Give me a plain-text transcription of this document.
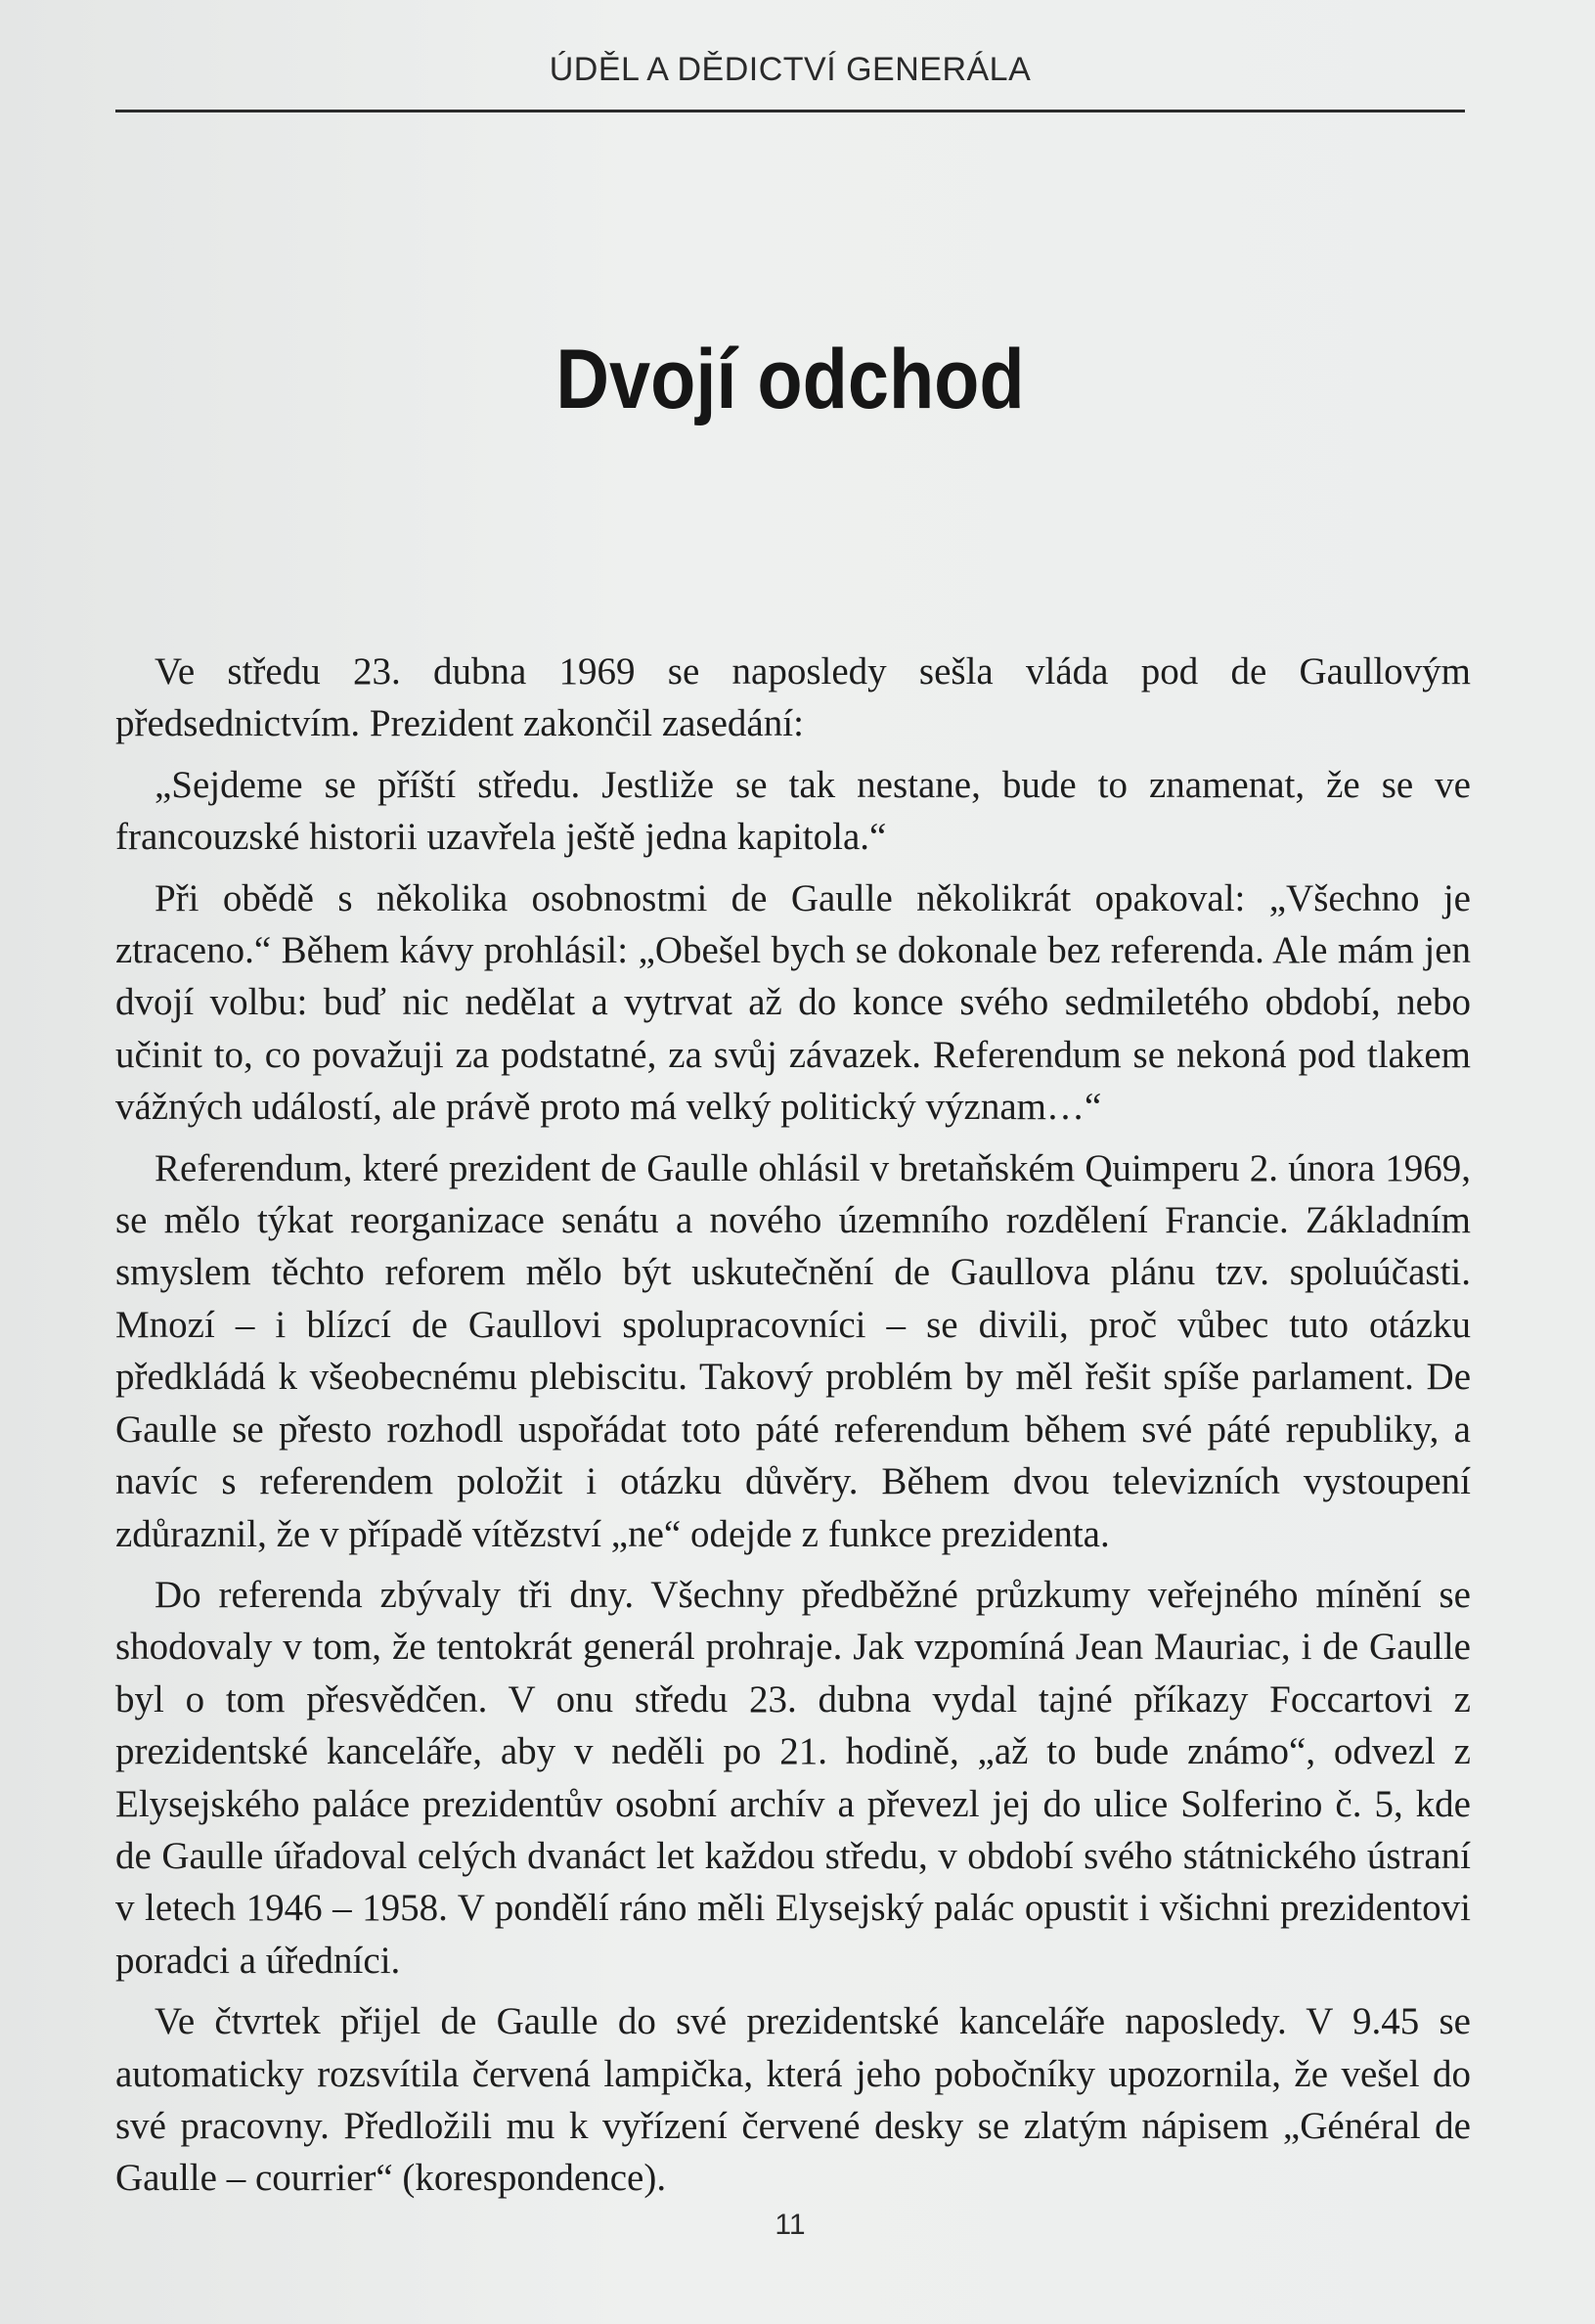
ÚDĚL A DĚDICTVÍ GENERÁLA
Dvojí odchod

Ve středu 23. dubna 1969 se naposledy sešla vláda pod de Gaullovým předsednictvím. Prezident zakončil zasedání:

„Sejdeme se příští středu. Jestliže se tak nestane, bude to znamenat, že se ve francouzské historii uzavřela ještě jedna kapitola.“

Při obědě s několika osobnostmi de Gaulle několikrát opakoval: „Všechno je ztraceno.“ Během kávy prohlásil: „Obešel bych se dokonale bez referenda. Ale mám jen dvojí volbu: buď nic nedělat a vytrvat až do konce svého sedmiletého období, nebo učinit to, co považuji za podstatné, za svůj závazek. Referendum se nekoná pod tlakem vážných událostí, ale právě proto má velký politický význam…“

Referendum, které prezident de Gaulle ohlásil v bretaňském Quimperu 2. února 1969, se mělo týkat reorganizace senátu a nového územního rozdělení Francie. Základním smyslem těchto reforem mělo být uskutečnění de Gaullova plánu tzv. spoluúčasti. Mnozí – i blízcí de Gaullovi spolupracovníci – se divili, proč vůbec tuto otázku předkládá k všeobecnému plebiscitu. Takový problém by měl řešit spíše parlament. De Gaulle se přesto rozhodl uspořádat toto páté referendum během své páté republiky, a navíc s referendem položit i otázku důvěry. Během dvou televizních vystoupení zdůraznil, že v případě vítězství „ne“ odejde z funkce prezidenta.

Do referenda zbývaly tři dny. Všechny předběžné průzkumy veřejného mínění se shodovaly v tom, že tentokrát generál prohraje. Jak vzpomíná Jean Mauriac, i de Gaulle byl o tom přesvědčen. V onu středu 23. dubna vydal tajné příkazy Foccartovi z prezidentské kanceláře, aby v neděli po 21. hodině, „až to bude známo“, odvezl z Elysejského paláce prezidentův osobní archív a převezl jej do ulice Solferino č. 5, kde de Gaulle úřadoval celých dvanáct let každou středu, v období svého státnického ústraní v letech 1946 – 1958. V pondělí ráno měli Elysejský palác opustit i všichni prezidentovi poradci a úředníci.

Ve čtvrtek přijel de Gaulle do své prezidentské kanceláře naposledy. V 9.45 se automaticky rozsvítila červená lampička, která jeho pobočníky upozornila, že vešel do své pracovny. Předložili mu k vyřízení červené desky se zlatým nápisem „Général de Gaulle – courrier“ (korespondence).

11
